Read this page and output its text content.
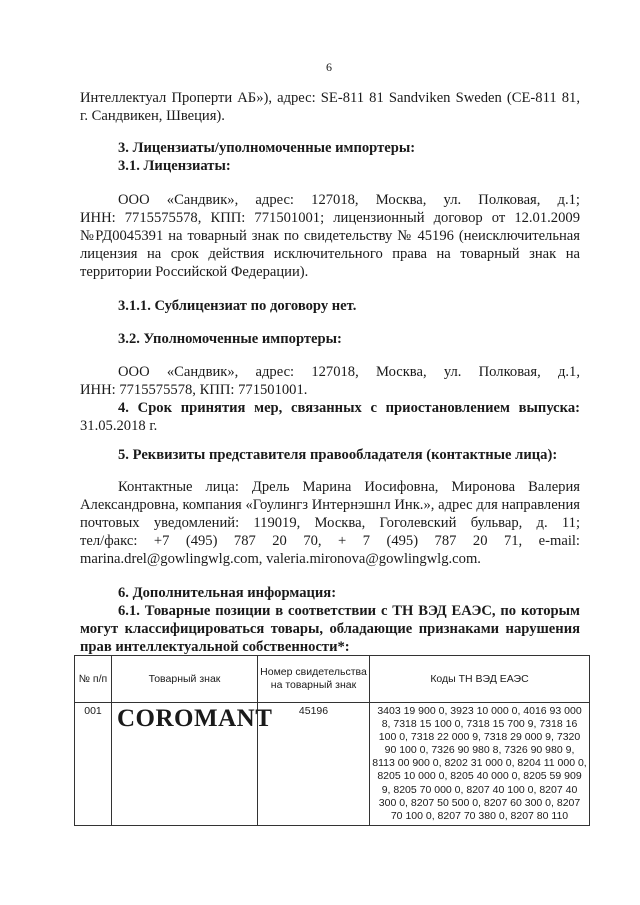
6
Интеллектуал Проперти АБ»), адрес: SE-811 81 Sandviken Sweden (СЕ-811 81,
г. Сандвикен, Швеция).
3. Лицензиаты/уполномоченные импортеры:
3.1. Лицензиаты:
ООО «Сандвик», адрес: 127018, Москва, ул. Полковая, д.1;
ИНН: 7715575578, КПП: 771501001; лицензионный договор от 12.01.2009
№РД0045391 на товарный знак по свидетельству № 45196 (неисключительная
лицензия на срок действия исключительного права на товарный знак на
территории Российской Федерации).
3.1.1. Сублицензиат по договору нет.
3.2. Уполномоченные импортеры:
ООО «Сандвик», адрес: 127018, Москва, ул. Полковая, д.1,
ИНН: 7715575578, КПП: 771501001.
4. Срок принятия мер, связанных с приостановлением выпуска:
31.05.2018 г.
5. Реквизиты представителя правообладателя (контактные лица):
Контактные лица: Дрель Марина Иосифовна, Миронова Валерия
Александровна, компания «Гоулингз Интернэшнл Инк.», адрес для направления
почтовых уведомлений: 119019, Москва, Гоголевский бульвар, д. 11;
тел/факс: +7 (495) 787 20 70, + 7 (495) 787 20 71, e-mail:
marina.drel@gowlingwlg.com, valeria.mironova@gowlingwlg.com.
6. Дополнительная информация:
6.1. Товарные позиции в соответствии с ТН ВЭД ЕАЭС, по которым
могут классифицироваться товары, обладающие признаками нарушения
прав интеллектуальной собственности*:
№ п/п	Товарный знак	Номер свидетельства на товарный знак	Коды ТН ВЭД ЕАЭС
001	COROMANT	45196	3403 19 900 0, 3923 10 000 0, 4016 93 000 8, 7318 15 100 0, 7318 15 700 9, 7318 16 100 0, 7318 22 000 9, 7318 29 000 9, 7320 90 100 0, 7326 90 980 8, 7326 90 980 9, 8113 00 900 0, 8202 31 000 0, 8204 11 000 0, 8205 10 000 0, 8205 40 000 0, 8205 59 909 9, 8205 70 000 0, 8207 40 100 0, 8207 40 300 0, 8207 50 500 0, 8207 60 300 0, 8207 70 100 0, 8207 70 380 0, 8207 80 110
